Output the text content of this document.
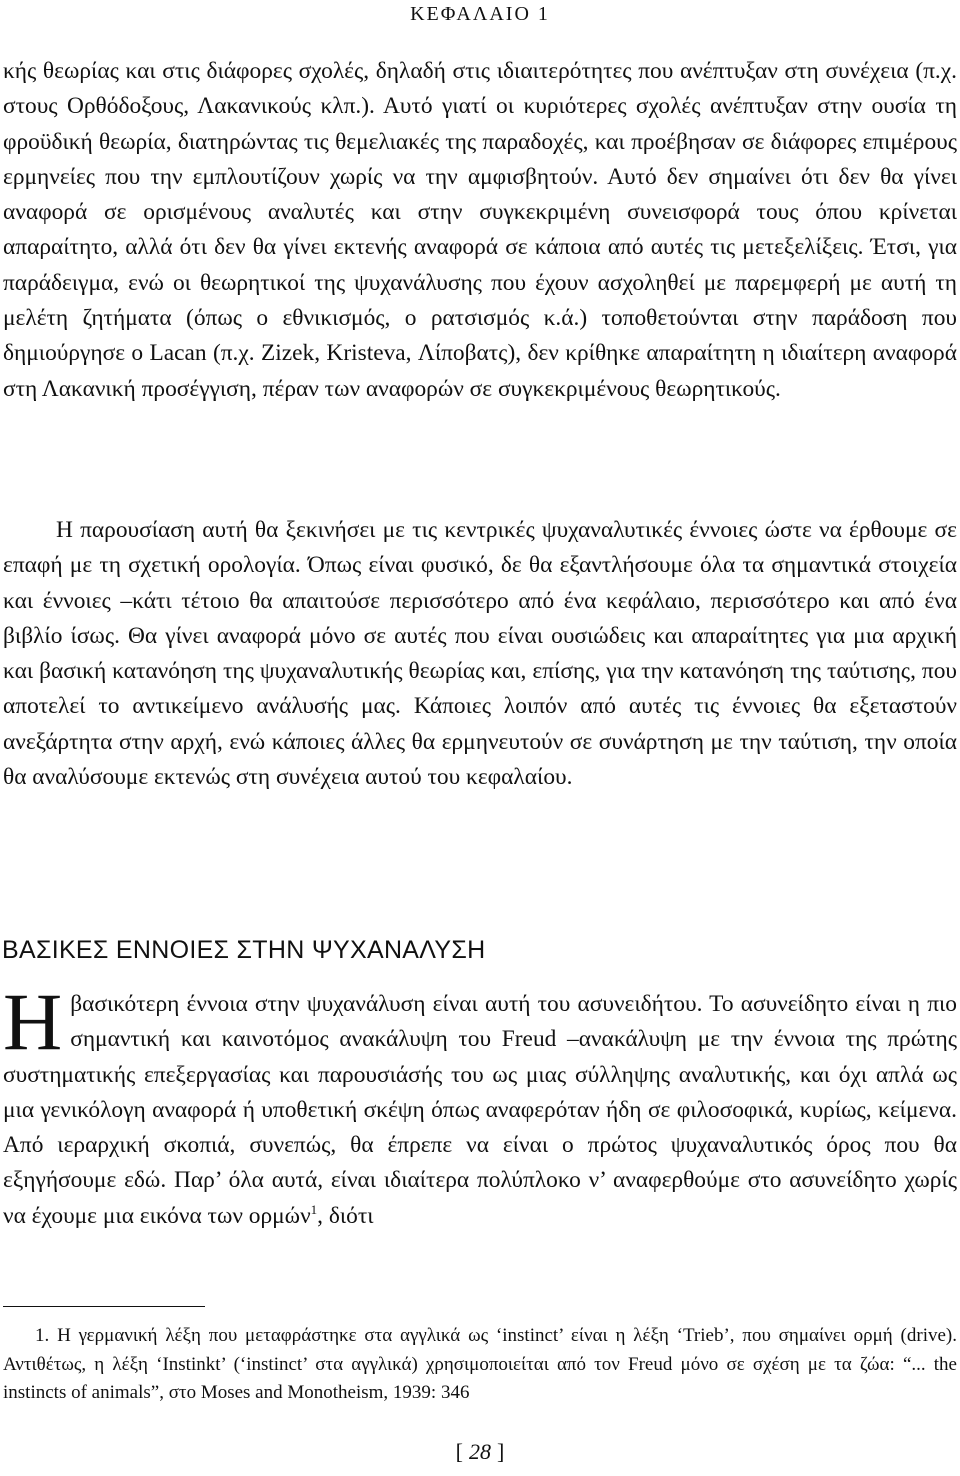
ΚΕΦΑΛΑΙΟ 1

κής θεωρίας και στις διάφορες σχολές, δηλαδή στις ιδιαιτερότητες που ανέπτυξαν στη συνέχεια (π.χ. στους Ορθόδοξους, Λακανικούς κλπ.). Αυτό γιατί οι κυριότερες σχολές ανέπτυξαν στην ουσία τη φροϋδική θεωρία, διατηρώντας τις θεμελιακές της παραδοχές, και προέβησαν σε διάφορες επιμέρους ερμηνείες που την εμπλουτίζουν χωρίς να την αμφισβητούν. Αυτό δεν σημαίνει ότι δεν θα γίνει αναφορά σε ορισμένους αναλυτές και στην συγκεκριμένη συνεισφορά τους όπου κρίνεται απαραίτητο, αλλά ότι δεν θα γίνει εκτενής αναφορά σε κάποια από αυτές τις μετεξελίξεις. Έτσι, για παράδειγμα, ενώ οι θεωρητικοί της ψυχανάλυσης που έχουν ασχοληθεί με παρεμφερή με αυτή τη μελέτη ζητήματα (όπως ο εθνικισμός, ο ρατσισμός κ.ά.) τοποθετούνται στην παράδοση που δημιούργησε ο Lacan (π.χ. Zizek, Kristeva, Λίποβατς), δεν κρίθηκε απαραίτητη η ιδιαίτερη αναφορά στη Λακανική προσέγγιση, πέραν των αναφορών σε συγκεκριμένους θεωρητικούς.

Η παρουσίαση αυτή θα ξεκινήσει με τις κεντρικές ψυχαναλυτικές έννοιες ώστε να έρθουμε σε επαφή με τη σχετική ορολογία. Όπως είναι φυσικό, δε θα εξαντλήσουμε όλα τα σημαντικά στοιχεία και έννοιες –κάτι τέτοιο θα απαιτούσε περισσότερο από ένα κεφάλαιο, περισσότερο και από ένα βιβλίο ίσως. Θα γίνει αναφορά μόνο σε αυτές που είναι ουσιώδεις και απαραίτητες για μια αρχική και βασική κατανόηση της ψυχαναλυτικής θεωρίας και, επίσης, για την κατανόηση της ταύτισης, που αποτελεί το αντικείμενο ανάλυσής μας. Κάποιες λοιπόν από αυτές τις έννοιες θα εξεταστούν ανεξάρτητα στην αρχή, ενώ κάποιες άλλες θα ερμηνευτούν σε συνάρτηση με την ταύτιση, την οποία θα αναλύσουμε εκτενώς στη συνέχεια αυτού του κεφαλαίου.

ΒΑΣΙΚΕΣ ΕΝΝΟΙΕΣ ΣΤΗΝ ΨΥΧΑΝΑΛΥΣΗ
Η βασικότερη έννοια στην ψυχανάλυση είναι αυτή του ασυνειδήτου. Το ασυνείδητο είναι η πιο σημαντική και καινοτόμος ανακάλυψη του Freud –ανακάλυψη με την έννοια της πρώτης συστηματικής επεξεργασίας και παρουσιάσής του ως μιας σύλληψης αναλυτικής, και όχι απλά ως μια γενικόλογη αναφορά ή υποθετική σκέψη όπως αναφερόταν ήδη σε φιλοσοφικά, κυρίως, κείμενα. Από ιεραρχική σκοπιά, συνεπώς, θα έπρεπε να είναι ο πρώτος ψυχαναλυτικός όρος που θα εξηγήσουμε εδώ. Παρ’ όλα αυτά, είναι ιδιαίτερα πολύπλοκο ν’ αναφερθούμε στο ασυνείδητο χωρίς να έχουμε μια εικόνα των ορμών$^1$, διότι
1. Η γερμανική λέξη που μεταφράστηκε στα αγγλικά ως ‘instinct’ είναι η λέξη ‘Trieb’, που σημαίνει ορμή (drive). Αντιθέτως, η λέξη ‘Instinkt’ (‘instinct’ στα αγγλικά) χρησιμοποιείται από τον Freud μόνο σε σχέση με τα ζώα: “... the instincts of animals”, στο Moses and Monotheism, 1939: 346
[ 28 ]
